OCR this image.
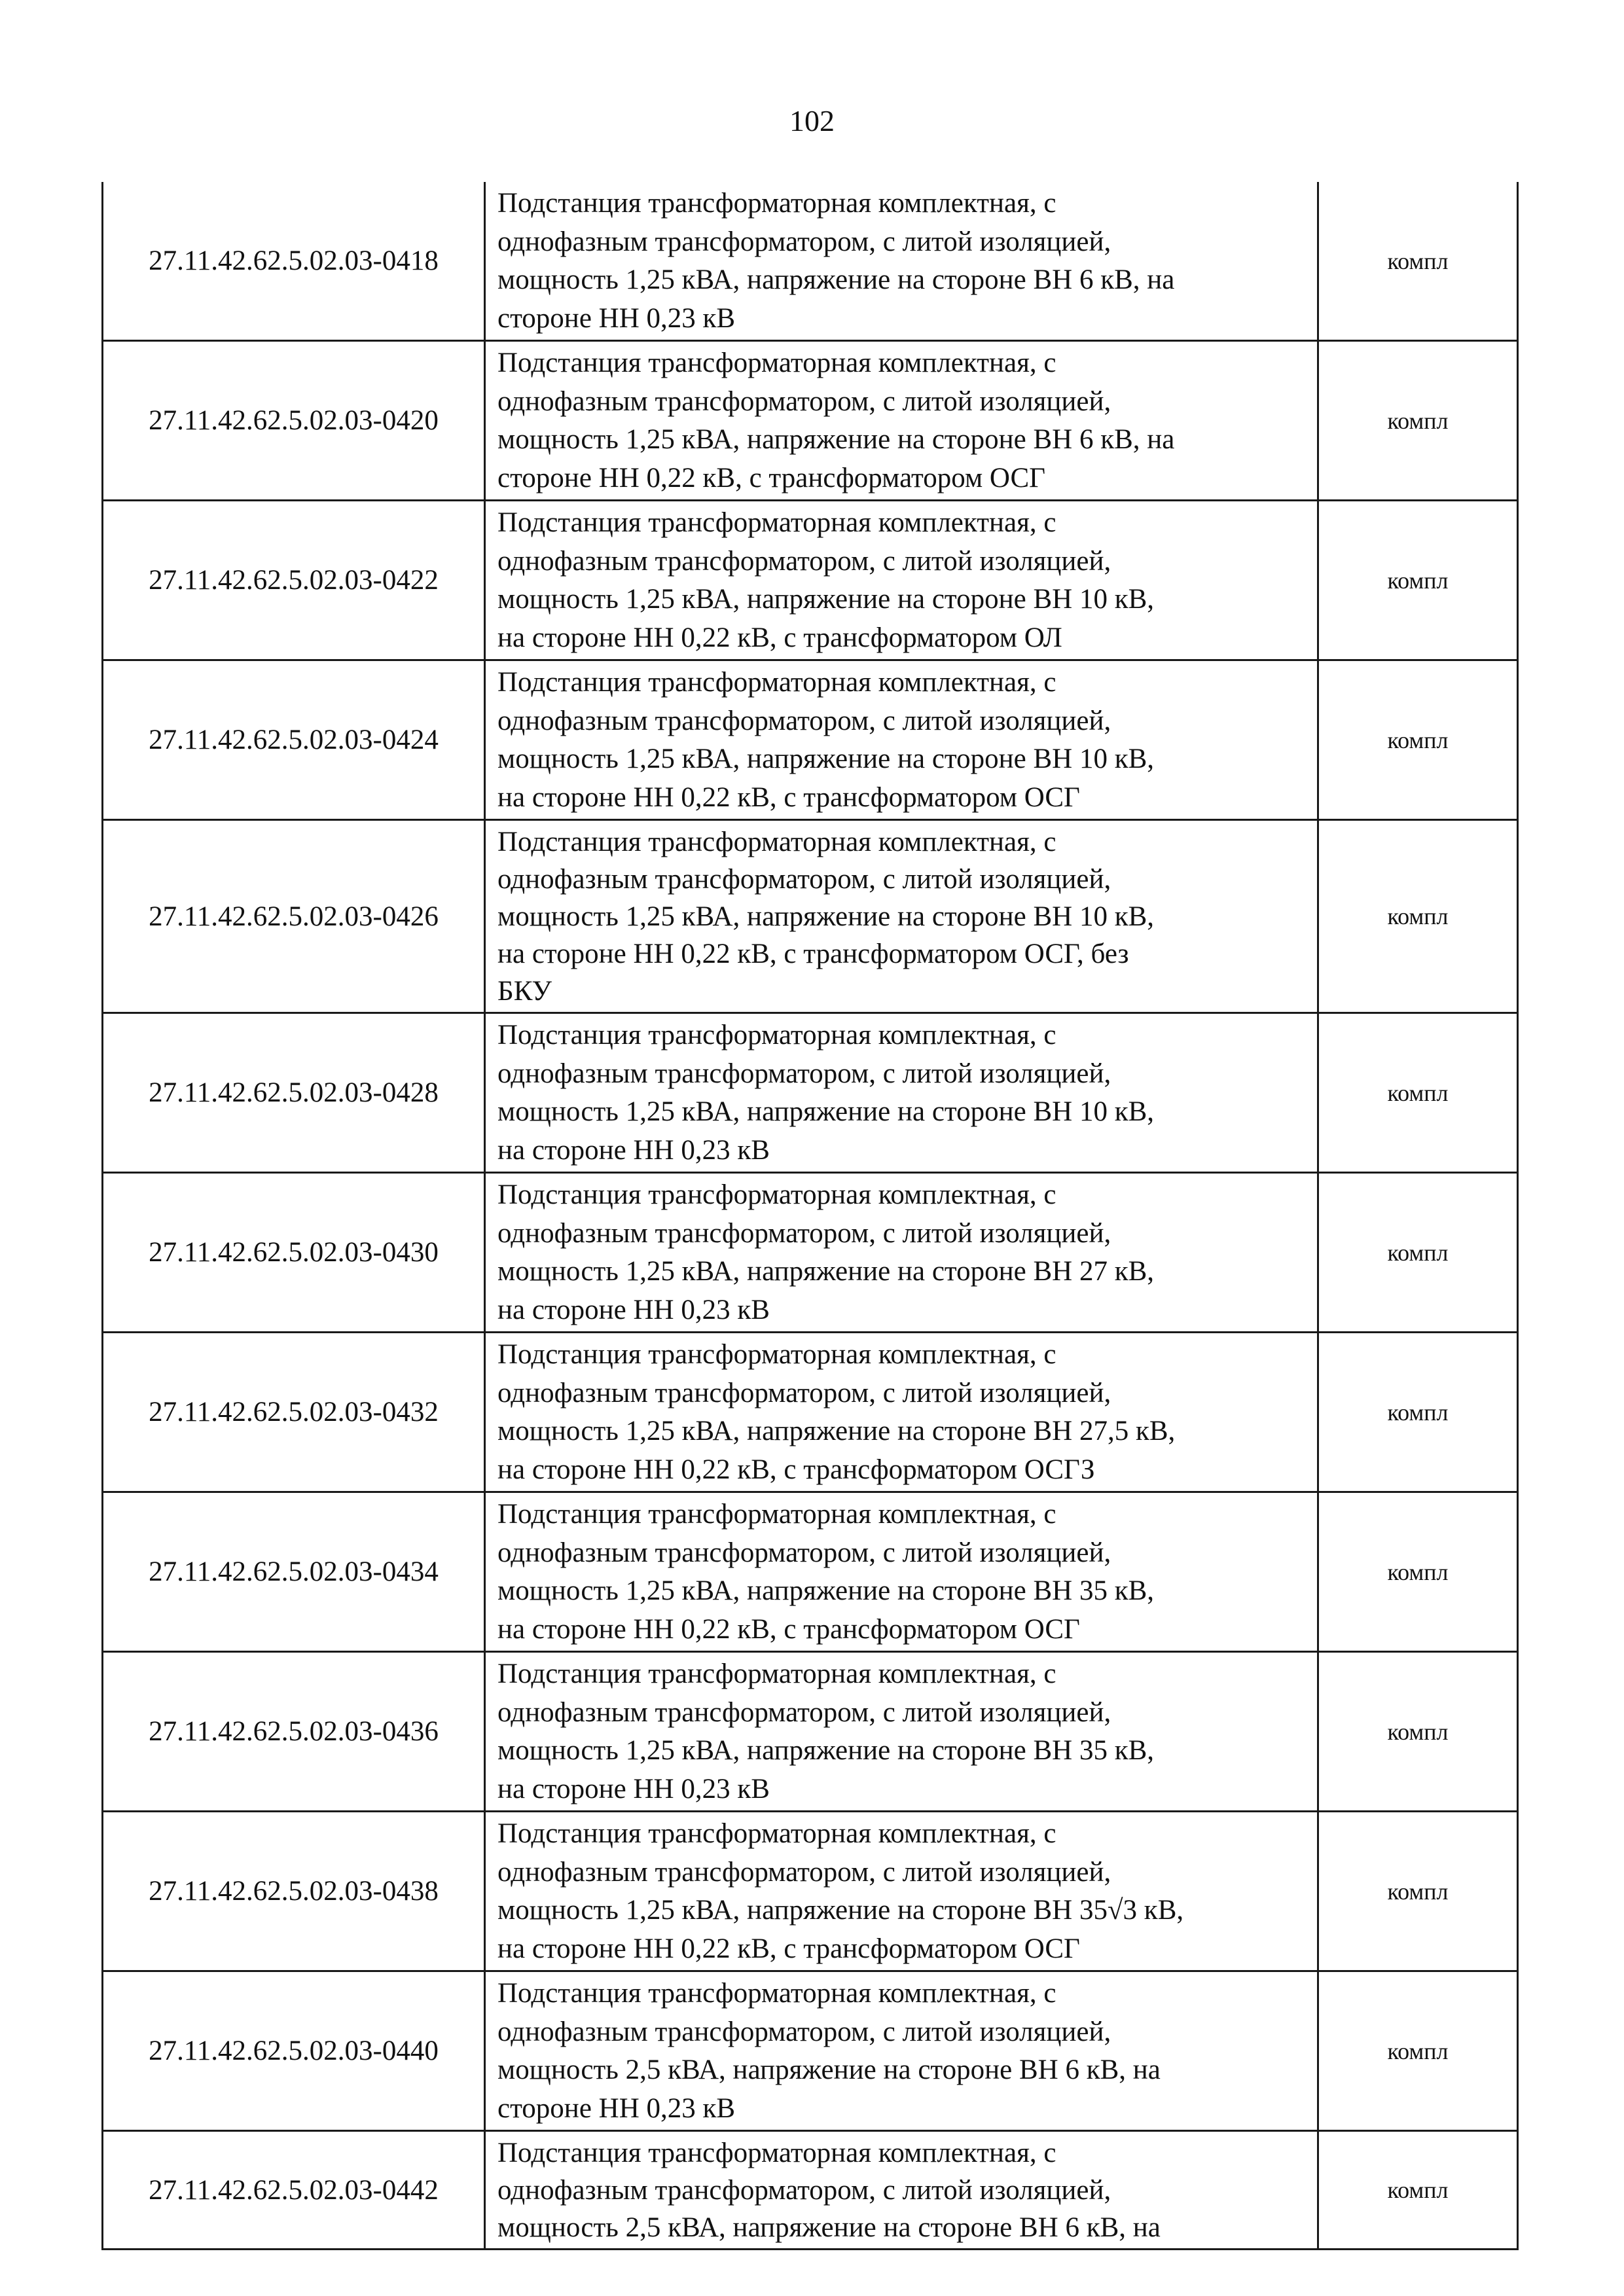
102
27.11.42.62.5.02.03-0418	Подстанция трансформаторная комплектная, с
однофазным трансформатором, с литой изоляцией,
мощность 1,25 кВА, напряжение на стороне ВН 6 кВ, на
стороне НН 0,23 кВ	компл
27.11.42.62.5.02.03-0420	Подстанция трансформаторная комплектная, с
однофазным трансформатором, с литой изоляцией,
мощность 1,25 кВА, напряжение на стороне ВН 6 кВ, на
стороне НН 0,22 кВ, с трансформатором ОСГ	компл
27.11.42.62.5.02.03-0422	Подстанция трансформаторная комплектная, с
однофазным трансформатором, с литой изоляцией,
мощность 1,25 кВА, напряжение на стороне ВН 10 кВ,
на стороне НН 0,22 кВ, с трансформатором ОЛ	компл
27.11.42.62.5.02.03-0424	Подстанция трансформаторная комплектная, с
однофазным трансформатором, с литой изоляцией,
мощность 1,25 кВА, напряжение на стороне ВН 10 кВ,
на стороне НН 0,22 кВ, с трансформатором ОСГ	компл
27.11.42.62.5.02.03-0426	Подстанция трансформаторная комплектная, с
однофазным трансформатором, с литой изоляцией,
мощность 1,25 кВА, напряжение на стороне ВН 10 кВ,
на стороне НН 0,22 кВ, с трансформатором ОСГ, без
БКУ	компл
27.11.42.62.5.02.03-0428	Подстанция трансформаторная комплектная, с
однофазным трансформатором, с литой изоляцией,
мощность 1,25 кВА, напряжение на стороне ВН 10 кВ,
на стороне НН 0,23 кВ	компл
27.11.42.62.5.02.03-0430	Подстанция трансформаторная комплектная, с
однофазным трансформатором, с литой изоляцией,
мощность 1,25 кВА, напряжение на стороне ВН 27 кВ,
на стороне НН 0,23 кВ	компл
27.11.42.62.5.02.03-0432	Подстанция трансформаторная комплектная, с
однофазным трансформатором, с литой изоляцией,
мощность 1,25 кВА, напряжение на стороне ВН 27,5 кВ,
на стороне НН 0,22 кВ, с трансформатором ОСГЗ	компл
27.11.42.62.5.02.03-0434	Подстанция трансформаторная комплектная, с
однофазным трансформатором, с литой изоляцией,
мощность 1,25 кВА, напряжение на стороне ВН 35 кВ,
на стороне НН 0,22 кВ, с трансформатором ОСГ	компл
27.11.42.62.5.02.03-0436	Подстанция трансформаторная комплектная, с
однофазным трансформатором, с литой изоляцией,
мощность 1,25 кВА, напряжение на стороне ВН 35 кВ,
на стороне НН 0,23 кВ	компл
27.11.42.62.5.02.03-0438	Подстанция трансформаторная комплектная, с
однофазным трансформатором, с литой изоляцией,
мощность 1,25 кВА, напряжение на стороне ВН 35√3 кВ,
на стороне НН 0,22 кВ, с трансформатором ОСГ	компл
27.11.42.62.5.02.03-0440	Подстанция трансформаторная комплектная, с
однофазным трансформатором, с литой изоляцией,
мощность 2,5 кВА, напряжение на стороне ВН 6 кВ, на
стороне НН 0,23 кВ	компл
27.11.42.62.5.02.03-0442	Подстанция трансформаторная комплектная, с
однофазным трансформатором, с литой изоляцией,
мощность 2,5 кВА, напряжение на стороне ВН 6 кВ, на	компл
